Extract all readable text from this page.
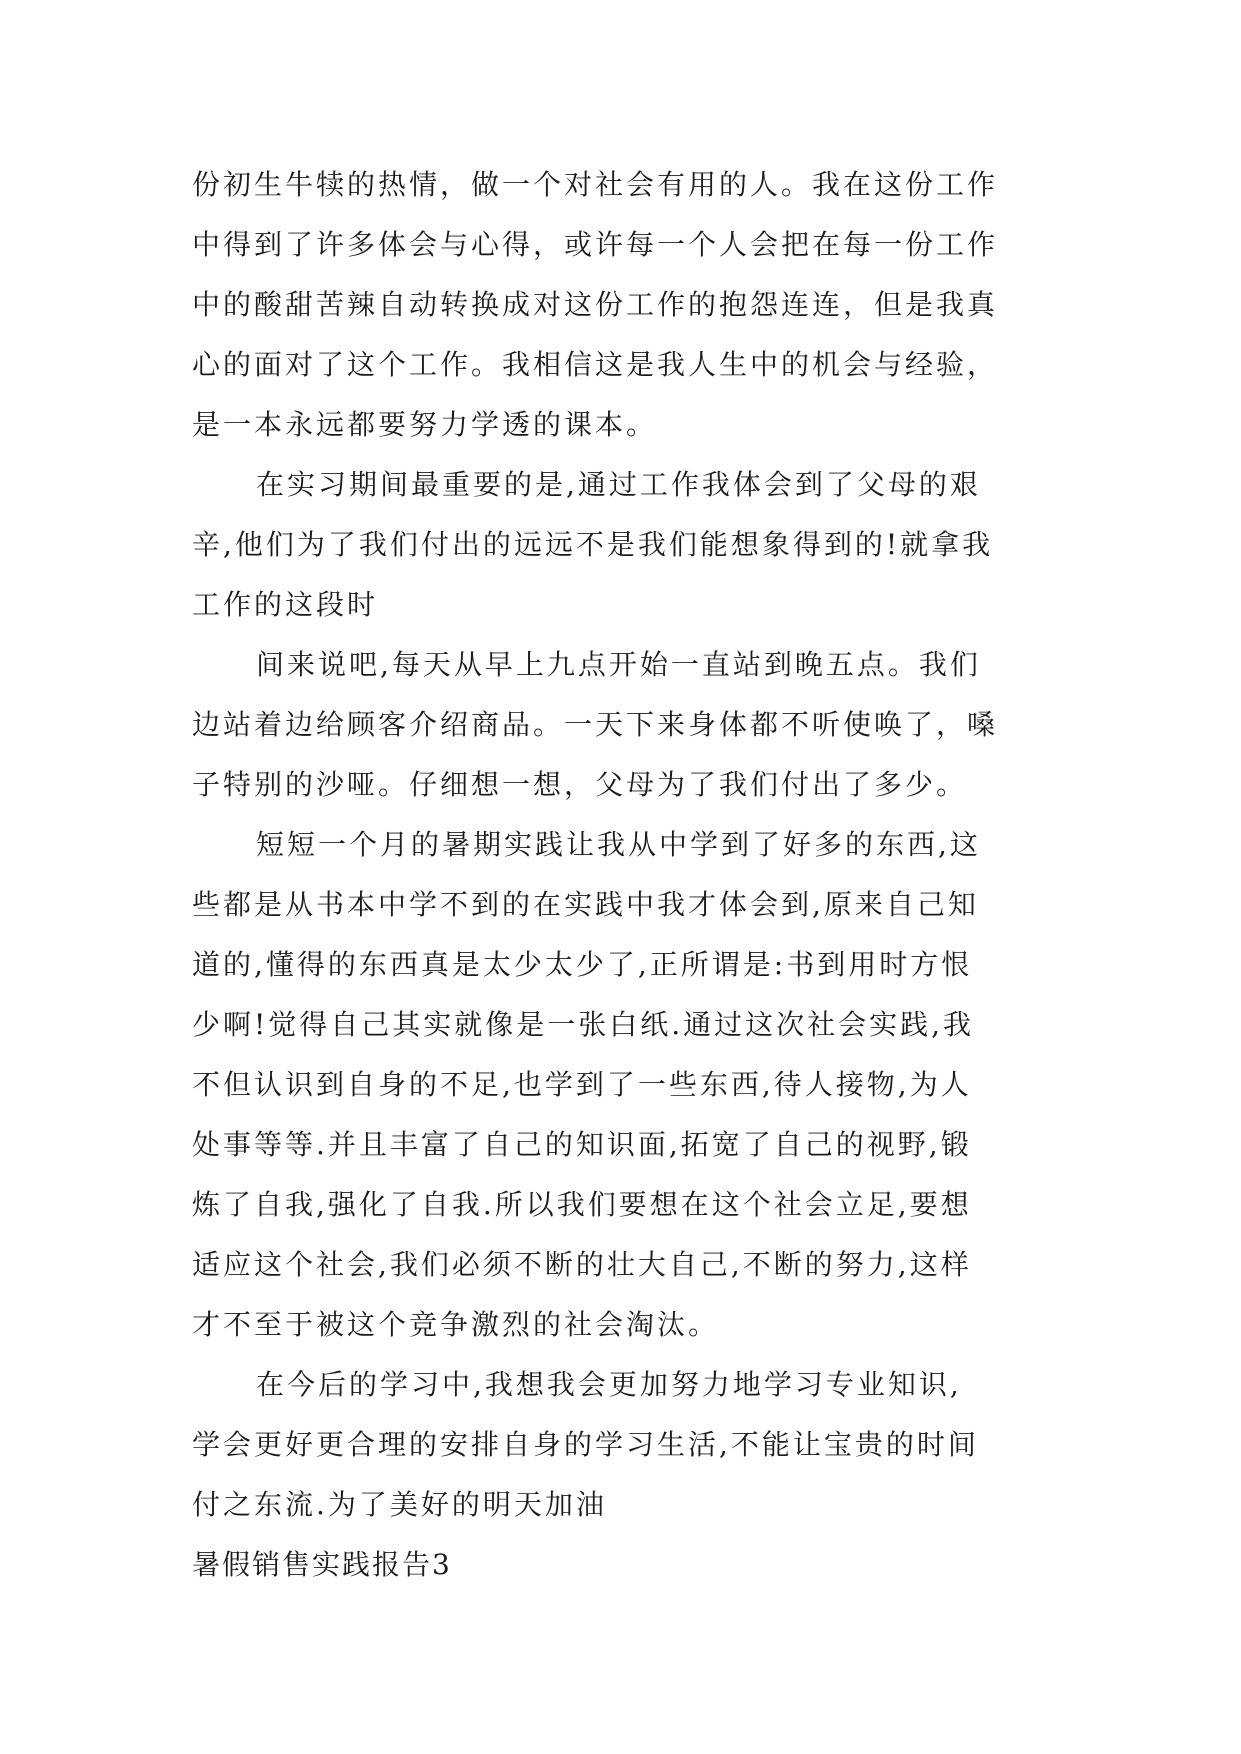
份初生牛犊的热情，做一个对社会有用的人。我在这份工作
中得到了许多体会与心得，或许每一个人会把在每一份工作
中的酸甜苦辣自动转换成对这份工作的抱怨连连，但是我真
心的面对了这个工作。我相信这是我人生中的机会与经验，
是一本永远都要努力学透的课本。

在实习期间最重要的是,通过工作我体会到了父母的艰
辛,他们为了我们付出的远远不是我们能想象得到的!就拿我
工作的这段时

间来说吧,每天从早上九点开始一直站到晚五点。我们
边站着边给顾客介绍商品。一天下来身体都不听使唤了，嗓
子特别的沙哑。仔细想一想，父母为了我们付出了多少。

短短一个月的暑期实践让我从中学到了好多的东西,这
些都是从书本中学不到的在实践中我才体会到,原来自己知
道的,懂得的东西真是太少太少了,正所谓是:书到用时方恨
少啊!觉得自己其实就像是一张白纸.通过这次社会实践,我
不但认识到自身的不足,也学到了一些东西,待人接物,为人
处事等等.并且丰富了自己的知识面,拓宽了自己的视野,锻
炼了自我,强化了自我.所以我们要想在这个社会立足,要想
适应这个社会,我们必须不断的壮大自己,不断的努力,这样
才不至于被这个竞争激烈的社会淘汰。

在今后的学习中,我想我会更加努力地学习专业知识,
学会更好更合理的安排自身的学习生活,不能让宝贵的时间
付之东流.为了美好的明天加油

暑假销售实践报告3
